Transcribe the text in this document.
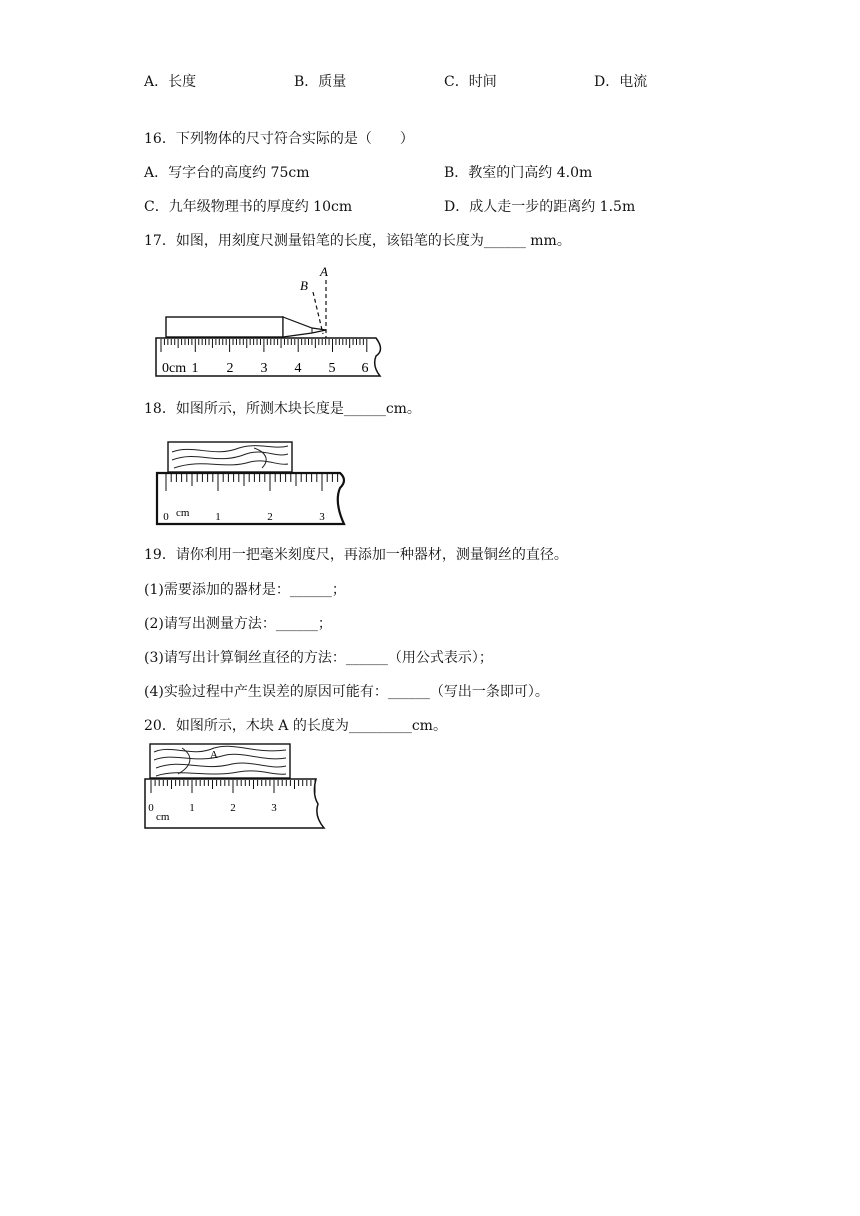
A．长度	B．质量	C．时间	D．电流
16．下列物体的尺寸符合实际的是（　　）
A．写字台的高度约 75cm	B．教室的门高约 4.0m
C．九年级物理书的厚度约 10cm	D．成人走一步的距离约 1.5m
17．如图，用刻度尺测量铅笔的长度，该铅笔的长度为______ mm。
A
B
0cm 1 2 3 4 5 6
18．如图所示，所测木块长度是______cm。
0 cm 1	2	3
19．请你利用一把毫米刻度尺，再添加一种器材，测量铜丝的直径。
(1)需要添加的器材是：______；
(2)请写出测量方法：______；
(3)请写出计算铜丝直径的方法：______（用公式表示）；
(4)实验过程中产生误差的原因可能有：______（写出一条即可）。
20．如图所示，木块 A 的长度为_________cm。
A
0	1	2	3
cm
